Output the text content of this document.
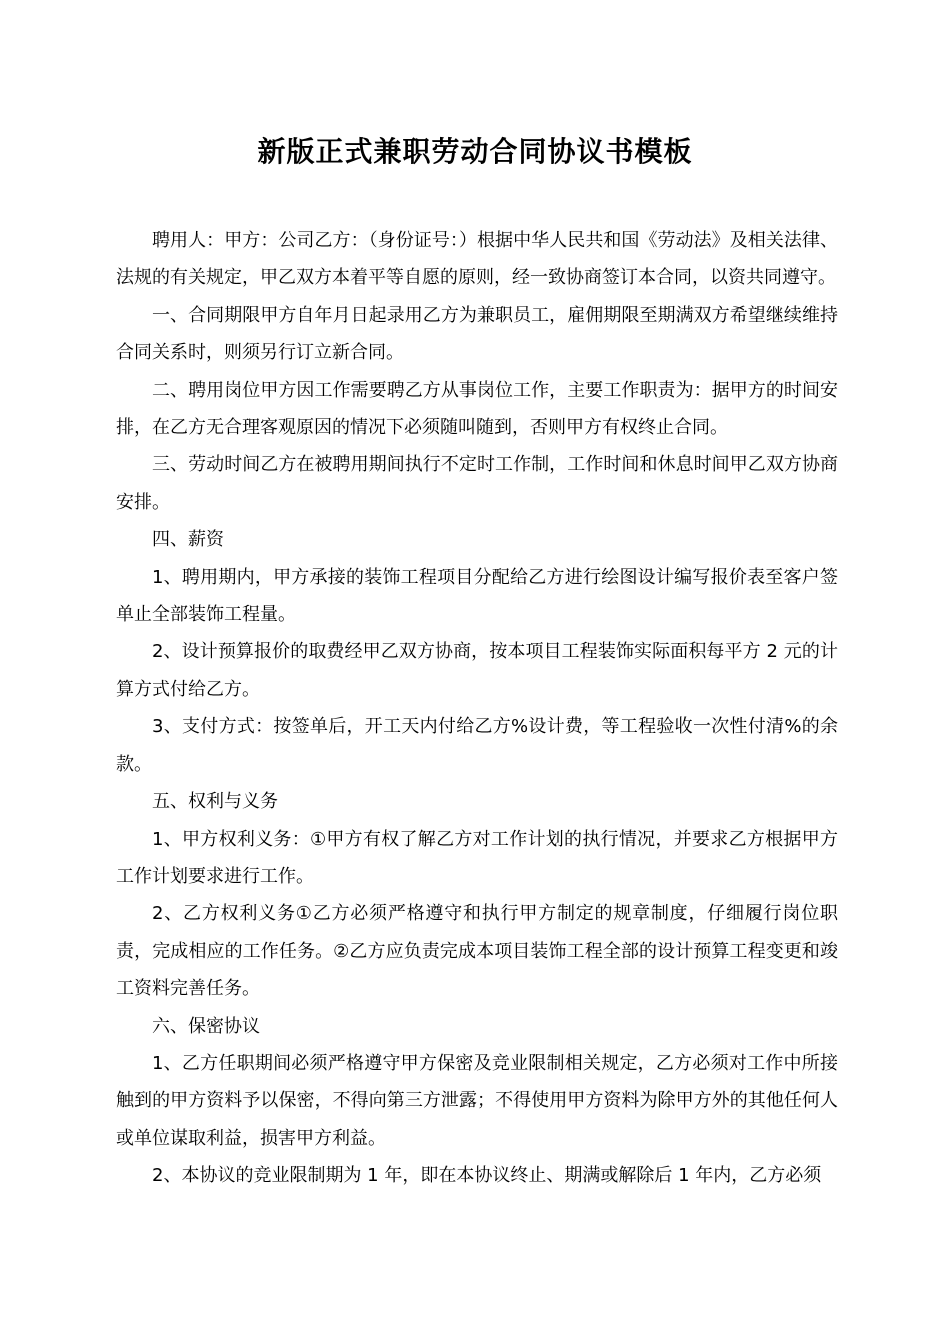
新版正式兼职劳动合同协议书模板

聘用人：甲方：公司乙方：（身份证号：）根据中华人民共和国《劳动法》及相关法律、法规的有关规定，甲乙双方本着平等自愿的原则，经一致协商签订本合同，以资共同遵守。

一、合同期限甲方自年月日起录用乙方为兼职员工，雇佣期限至期满双方希望继续维持合同关系时，则须另行订立新合同。

二、聘用岗位甲方因工作需要聘乙方从事岗位工作，主要工作职责为：据甲方的时间安排，在乙方无合理客观原因的情况下必须随叫随到，否则甲方有权终止合同。

三、劳动时间乙方在被聘用期间执行不定时工作制，工作时间和休息时间甲乙双方协商安排。

四、薪资

1、聘用期内，甲方承接的装饰工程项目分配给乙方进行绘图设计编写报价表至客户签单止全部装饰工程量。

2、设计预算报价的取费经甲乙双方协商，按本项目工程装饰实际面积每平方 2 元的计算方式付给乙方。

3、支付方式：按签单后，开工天内付给乙方%设计费，等工程验收一次性付清%的余款。

五、权利与义务

1、甲方权利义务：①甲方有权了解乙方对工作计划的执行情况，并要求乙方根据甲方工作计划要求进行工作。

2、乙方权利义务①乙方必须严格遵守和执行甲方制定的规章制度，仔细履行岗位职责，完成相应的工作任务。②乙方应负责完成本项目装饰工程全部的设计预算工程变更和竣工资料完善任务。

六、保密协议

1、乙方任职期间必须严格遵守甲方保密及竞业限制相关规定，乙方必须对工作中所接触到的甲方资料予以保密，不得向第三方泄露；不得使用甲方资料为除甲方外的其他任何人或单位谋取利益，损害甲方利益。

2、本协议的竞业限制期为 1 年，即在本协议终止、期满或解除后 1 年内，乙方必须
